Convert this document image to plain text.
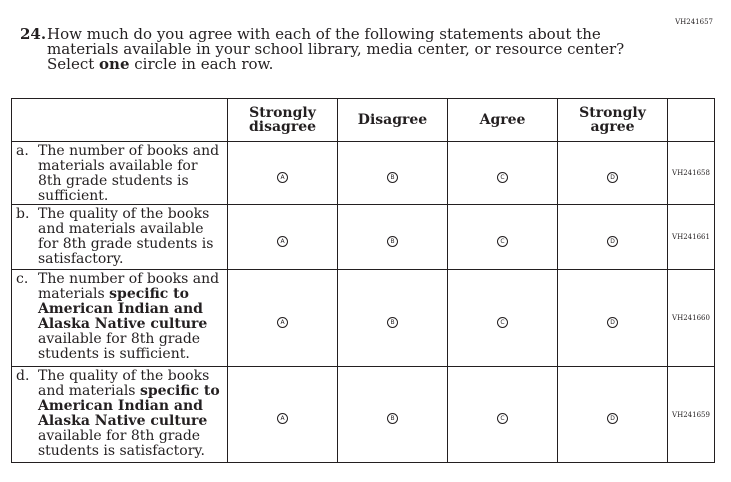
VH241657
24. How much do you agree with each of the following statements about the materials available in your school library, media center, or resource center? Select one circle in each row.
	Strongly disagree	Disagree	Agree	Strongly agree	

a. The number of books and materials available for 8th grade students is sufficient.	A	B	C	D	VH241658

b. The quality of the books and materials available for 8th grade students is satisfactory.	A	B	C	D	VH241661

c. The number of books and materials specific to American Indian and Alaska Native culture available for 8th grade students is sufficient.	A	B	C	D	VH241660

d. The quality of the books and materials specific to American Indian and Alaska Native culture available for 8th grade students is satisfactory.	A	B	C	D	VH241659
